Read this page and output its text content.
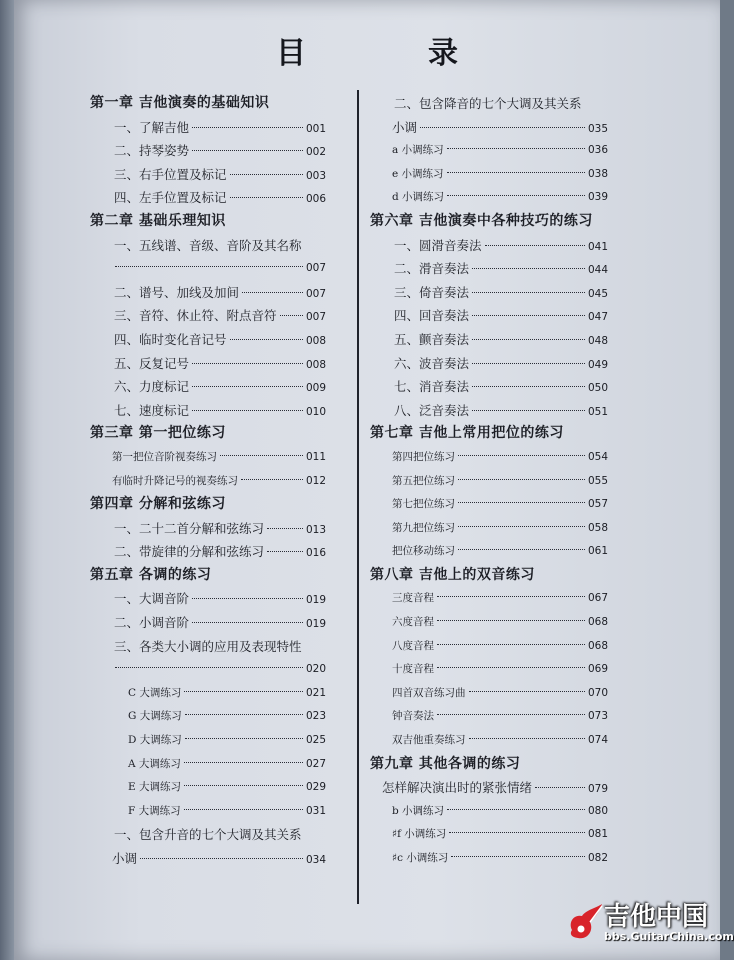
目　录
第一章 吉他演奏的基础知识
一、了解吉他	001
二、持琴姿势	002
三、右手位置及标记	003
四、左手位置及标记	006
第二章 基础乐理知识
一、五线谱、音级、音阶及其名称
007
二、谱号、加线及加间	007
三、音符、休止符、附点音符	007
四、临时变化音记号	008
五、反复记号	008
六、力度标记	009
七、速度标记	010
第三章 第一把位练习
第一把位音阶视奏练习	011
有临时升降记号的视奏练习	012
第四章 分解和弦练习
一、二十二首分解和弦练习	013
二、带旋律的分解和弦练习	016
第五章 各调的练习
一、大调音阶	019
二、小调音阶	019
三、各类大小调的应用及表现特性
020
C 大调练习	021
G 大调练习	023
D 大调练习	025
A 大调练习	027
E 大调练习	029
F 大调练习	031
一、包含升音的七个大调及其关系
小调	034
二、包含降音的七个大调及其关系
小调	035
a 小调练习	036
e 小调练习	038
d 小调练习	039
第六章 吉他演奏中各种技巧的练习
一、圆滑音奏法	041
二、滑音奏法	044
三、倚音奏法	045
四、回音奏法	047
五、颤音奏法	048
六、波音奏法	049
七、消音奏法	050
八、泛音奏法	051
第七章 吉他上常用把位的练习
第四把位练习	054
第五把位练习	055
第七把位练习	057
第九把位练习	058
把位移动练习	061
第八章 吉他上的双音练习
三度音程	067
六度音程	068
八度音程	068
十度音程	069
四首双音练习曲	070
钟音奏法	073
双吉他重奏练习	074
第九章 其他各调的练习
怎样解决演出时的紧张情绪	079
b 小调练习	080
♯f 小调练习	081
♯c 小调练习	082
吉他中国
bbs.GuitarChina.com
